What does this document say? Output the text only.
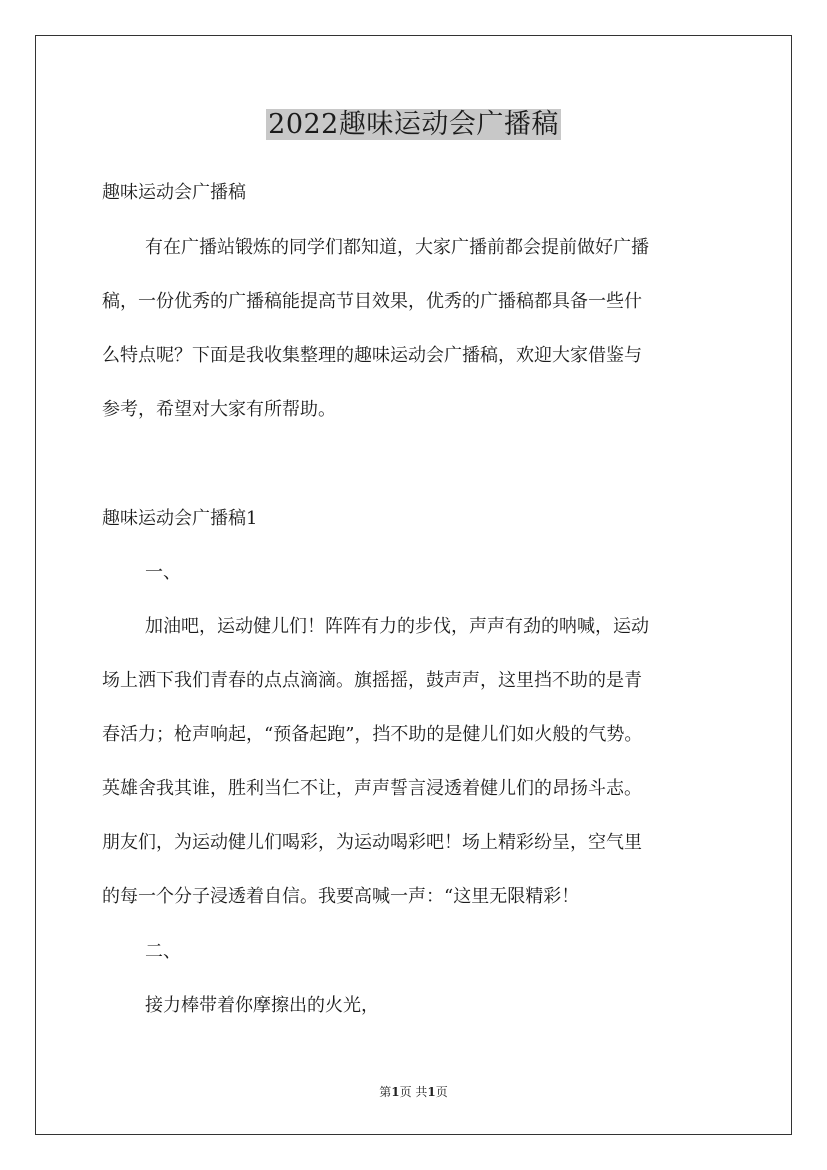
2022趣味运动会广播稿

趣味运动会广播稿

有在广播站锻炼的同学们都知道，大家广播前都会提前做好广播

稿，一份优秀的广播稿能提高节目效果，优秀的广播稿都具备一些什

么特点呢？下面是我收集整理的趣味运动会广播稿，欢迎大家借鉴与

参考，希望对大家有所帮助。

趣味运动会广播稿1

一、

加油吧，运动健儿们！阵阵有力的步伐，声声有劲的呐喊，运动

场上洒下我们青春的点点滴滴。旗摇摇，鼓声声，这里挡不助的是青

春活力；枪声响起，“预备起跑”，挡不助的是健儿们如火般的气势。

英雄舍我其谁，胜利当仁不让，声声誓言浸透着健儿们的昂扬斗志。

朋友们，为运动健儿们喝彩，为运动喝彩吧！场上精彩纷呈，空气里

的每一个分子浸透着自信。我要高喊一声：“这里无限精彩！

二、

接力棒带着你摩擦出的火光，

第1页 共1页
